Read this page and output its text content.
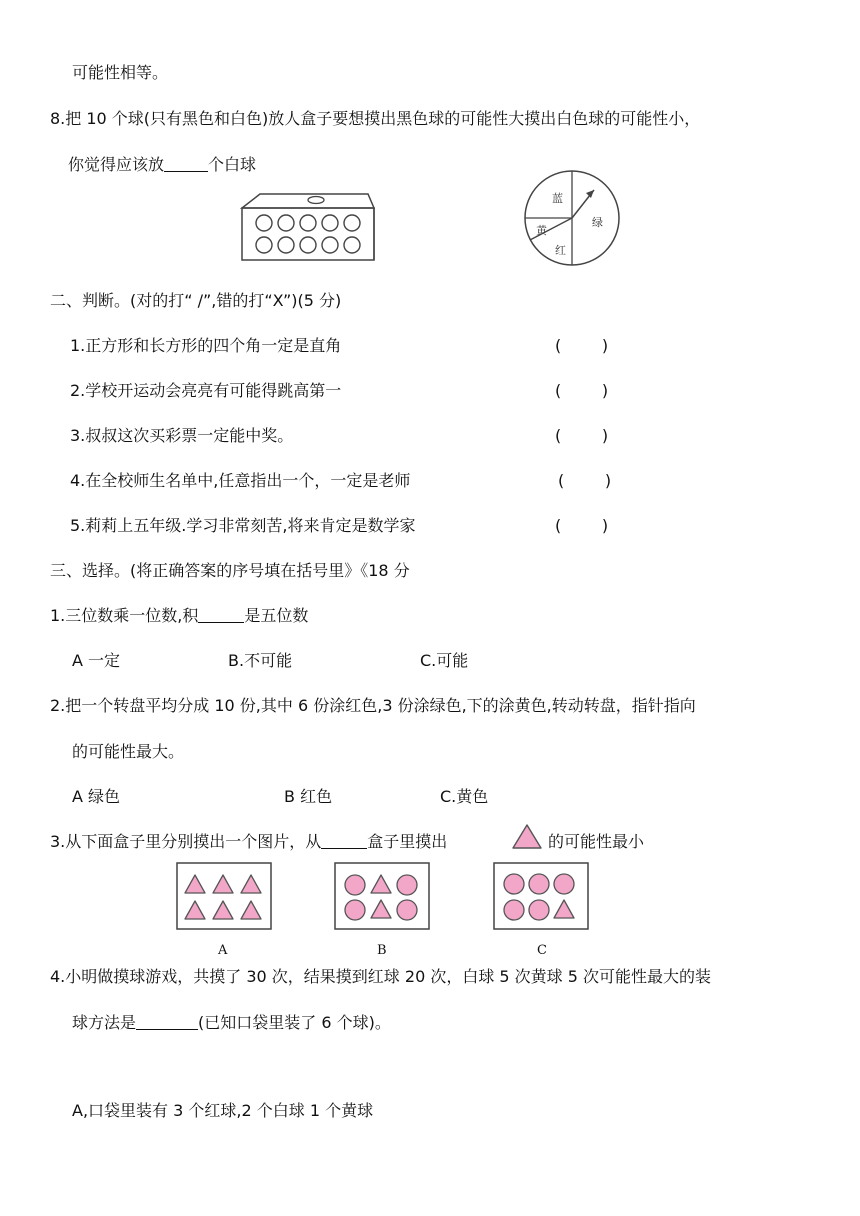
可能性相等。
8.把 10 个球(只有黑色和白色)放人盒子要想摸出黑色球的可能性大摸出白色球的可能性小，
你觉得应该放	个白球
蓝
绿
黄
红
二、判断。(对的打“ /”,错的打“X”)(5 分)
1.正方形和长方形的四个角一定是直角	(        )
2.学校开运动会亮亮有可能得跳高第一	(        )
3.叔叔这次买彩票一定能中奖。	(        )
4.在全校师生名单中,任意指出一个，一定是老师	(        )
5.莉莉上五年级.学习非常刻苦,将来肯定是数学家	(        )
三、选择。(将正确答案的序号填在括号里》《18 分
1.三位数乘一位数,积	是五位数
A 一定	B.不可能	C.可能
2.把一个转盘平均分成 10 份,其中 6 份涂红色,3 份涂绿色,下的涂黄色,转动转盘，指针指向
的可能性最大。
A 绿色	B 红色	C.黄色
3.从下面盒子里分别摸出一个图片，从	盒子里摸出	的可能性最小
A	B	C
4.小明做摸球游戏，共摸了 30 次，结果摸到红球 20 次，白球 5 次黄球 5 次可能性最大的装
球方法是	(已知口袋里装了 6 个球)。
A,口袋里装有 3 个红球,2 个白球 1 个黄球
